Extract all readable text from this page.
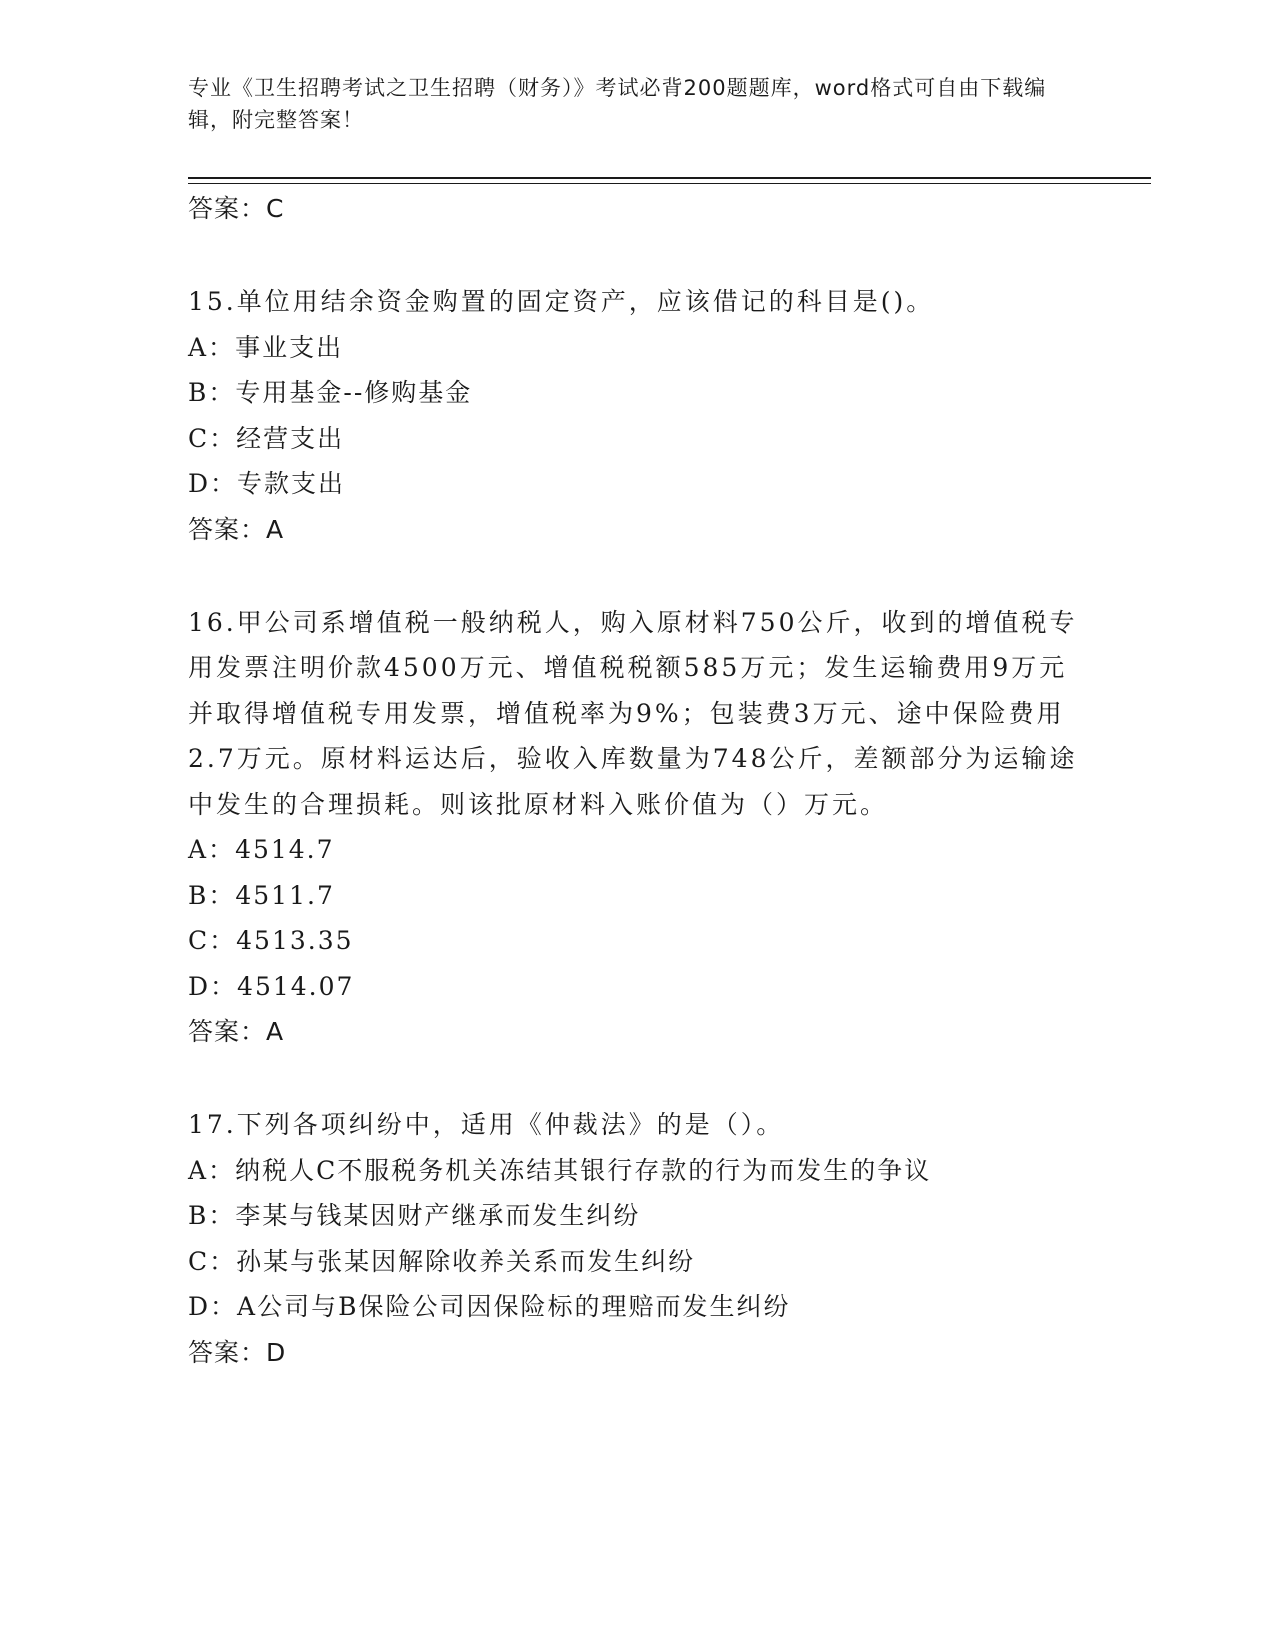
专业《卫生招聘考试之卫生招聘（财务）》考试必背200题题库，word格式可自由下载编辑，附完整答案！
答案：C
15.单位用结余资金购置的固定资产，应该借记的科目是()。
A：事业支出
B：专用基金--修购基金
C：经营支出
D：专款支出
答案：A
16.甲公司系增值税一般纳税人，购入原材料750公斤，收到的增值税专用发票注明价款4500万元、增值税税额585万元；发生运输费用9万元并取得增值税专用发票，增值税率为9%；包装费3万元、途中保险费用2.7万元。原材料运达后，验收入库数量为748公斤，差额部分为运输途中发生的合理损耗。则该批原材料入账价值为（）万元。
A：4514.7
B：4511.7
C：4513.35
D：4514.07
答案：A
17.下列各项纠纷中，适用《仲裁法》的是（）。
A：纳税人C不服税务机关冻结其银行存款的行为而发生的争议
B：李某与钱某因财产继承而发生纠纷
C：孙某与张某因解除收养关系而发生纠纷
D：A公司与B保险公司因保险标的理赔而发生纠纷
答案：D
